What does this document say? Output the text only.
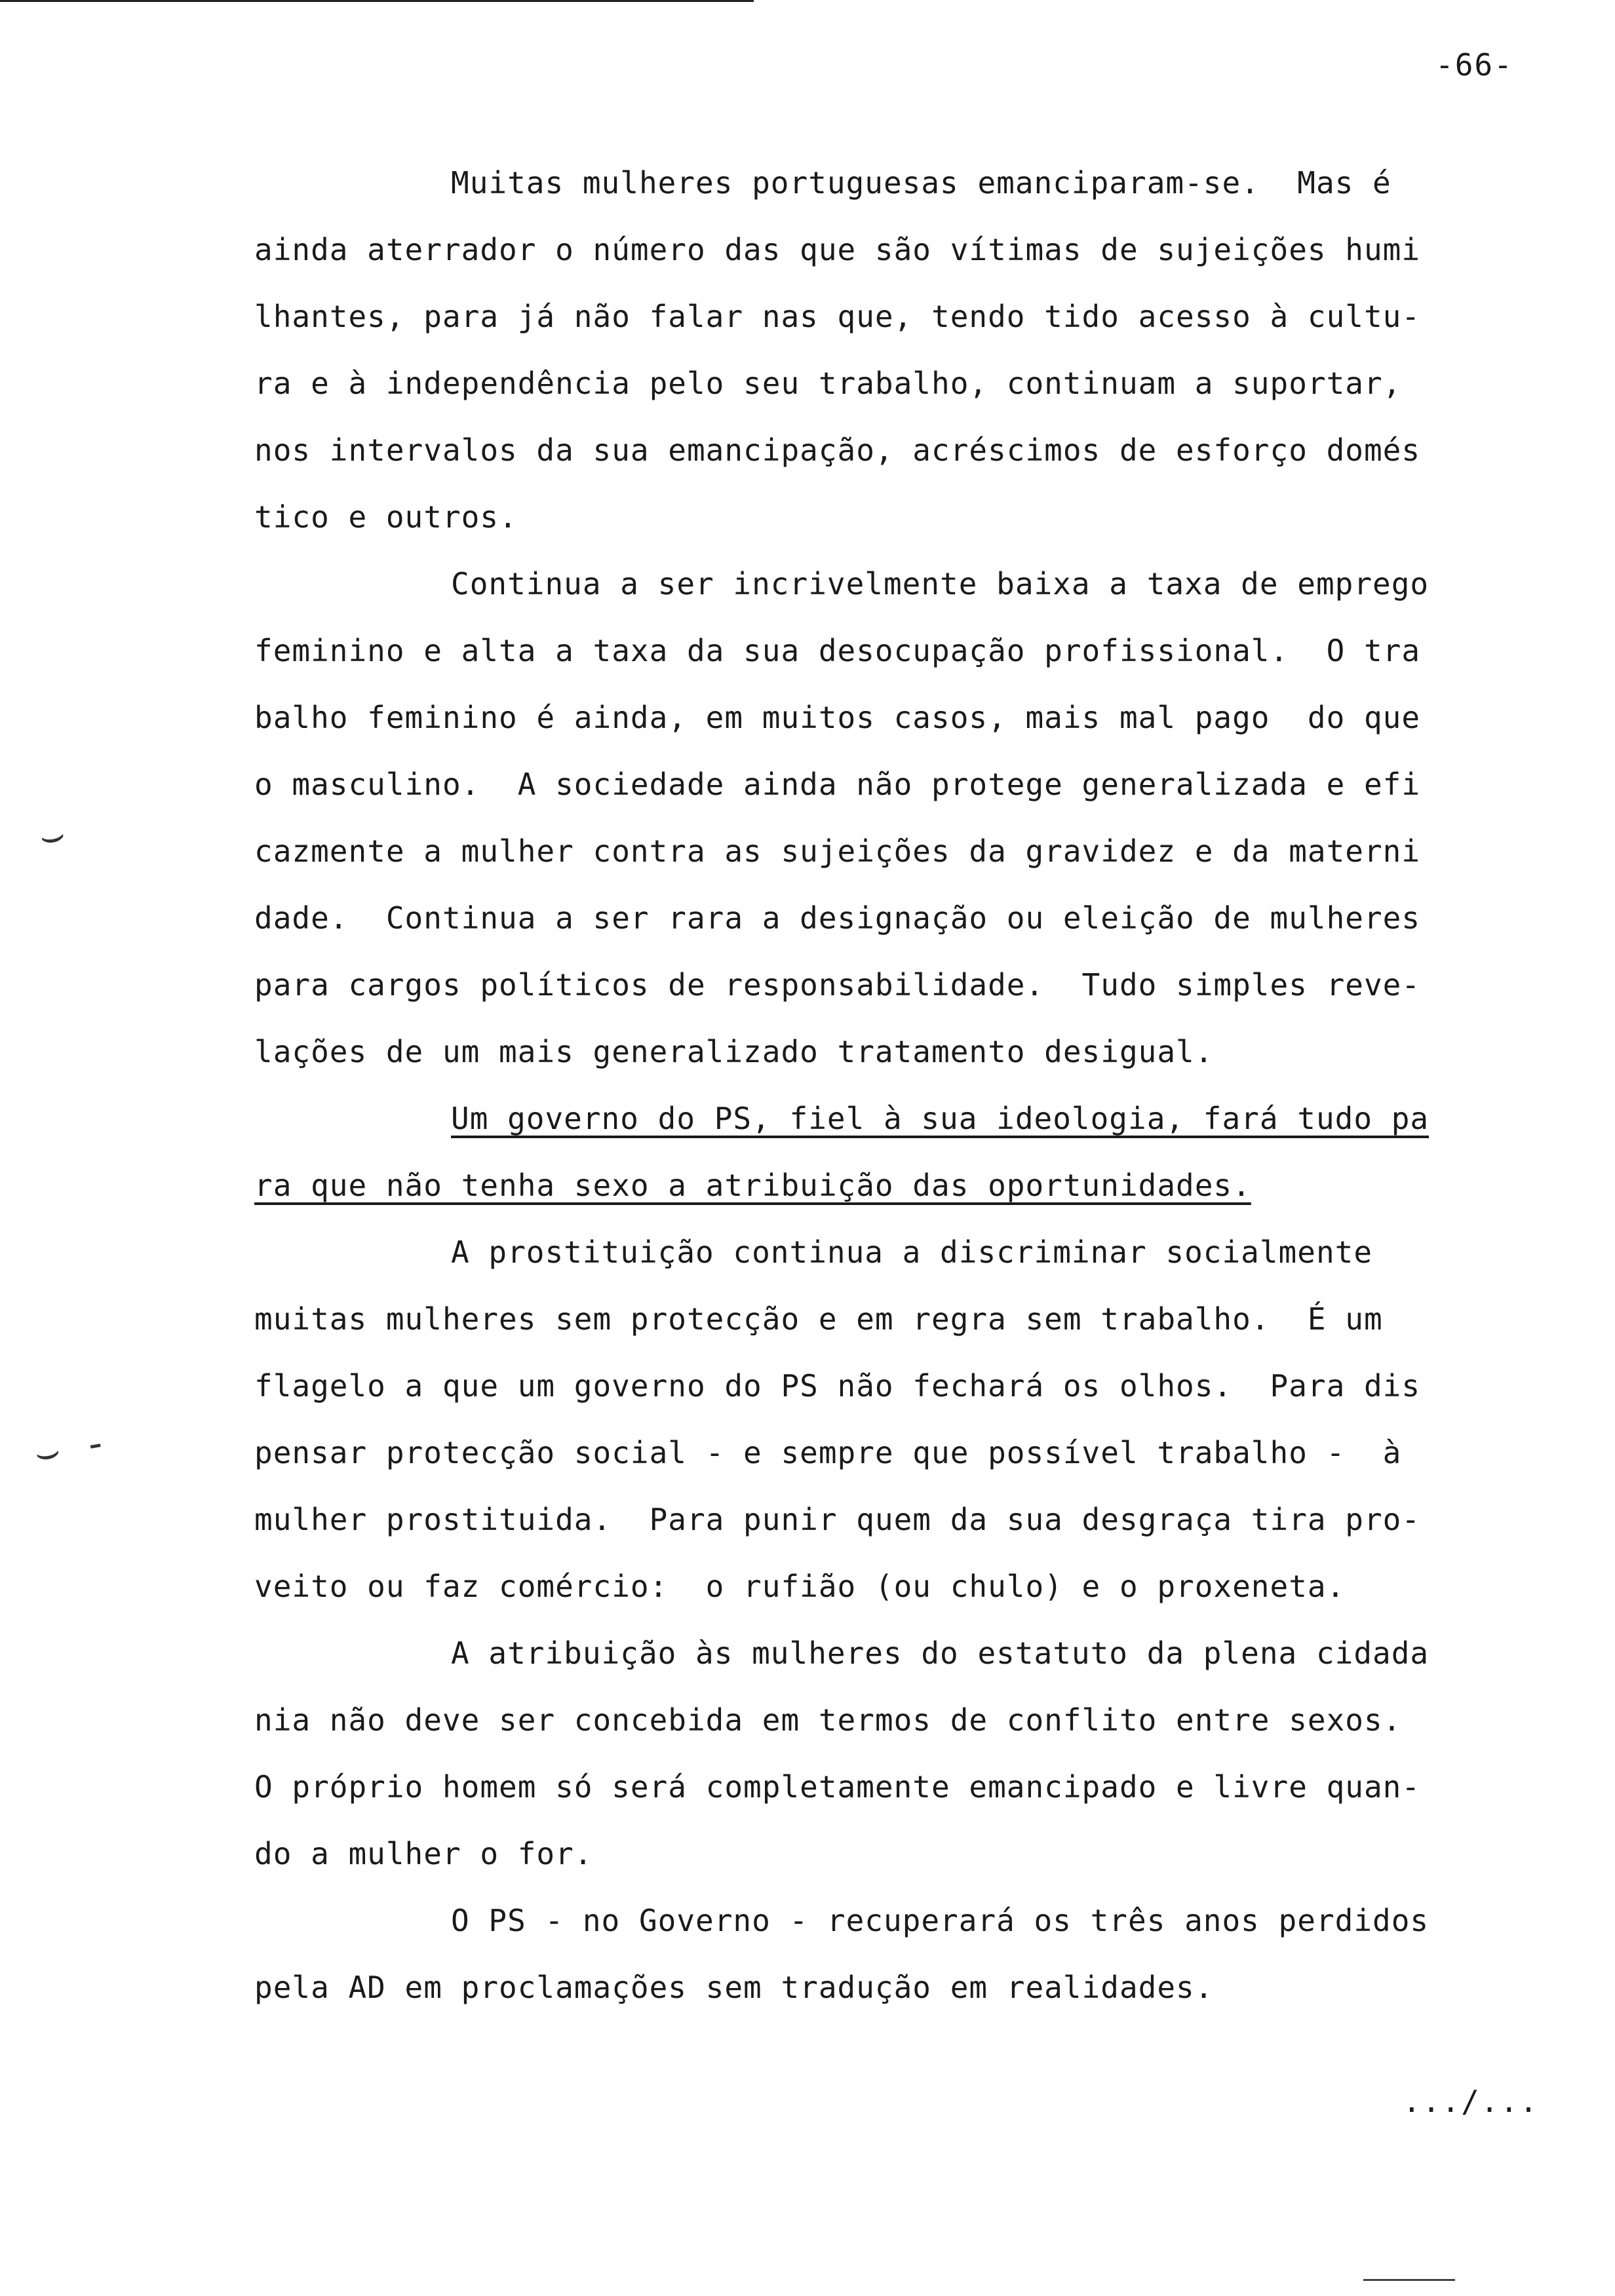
-66-
⌣
⌣ -
Muitas mulheres portuguesas emanciparam-se.  Mas é
ainda aterrador o número das que são vítimas de sujeições humi
lhantes, para já não falar nas que, tendo tido acesso à cultu-
ra e à independência pelo seu trabalho, continuam a suportar,
nos intervalos da sua emancipação, acréscimos de esforço domés
tico e outros.
Continua a ser incrivelmente baixa a taxa de emprego
feminino e alta a taxa da sua desocupação profissional.  O tra
balho feminino é ainda, em muitos casos, mais mal pago  do que
o masculino.  A sociedade ainda não protege generalizada e efi
cazmente a mulher contra as sujeições da gravidez e da materni
dade.  Continua a ser rara a designação ou eleição de mulheres
para cargos políticos de responsabilidade.  Tudo simples reve-
lações de um mais generalizado tratamento desigual.
Um governo do PS, fiel à sua ideologia, fará tudo pa
ra que não tenha sexo a atribuição das oportunidades.
A prostituição continua a discriminar socialmente
muitas mulheres sem protecção e em regra sem trabalho.  É um
flagelo a que um governo do PS não fechará os olhos.  Para dis
pensar protecção social - e sempre que possível trabalho -  à
mulher prostituida.  Para punir quem da sua desgraça tira pro-
veito ou faz comércio:  o rufião (ou chulo) e o proxeneta.
A atribuição às mulheres do estatuto da plena cidada
nia não deve ser concebida em termos de conflito entre sexos.
O próprio homem só será completamente emancipado e livre quan-
do a mulher o for.
O PS - no Governo - recuperará os três anos perdidos
pela AD em proclamações sem tradução em realidades.
.../...
